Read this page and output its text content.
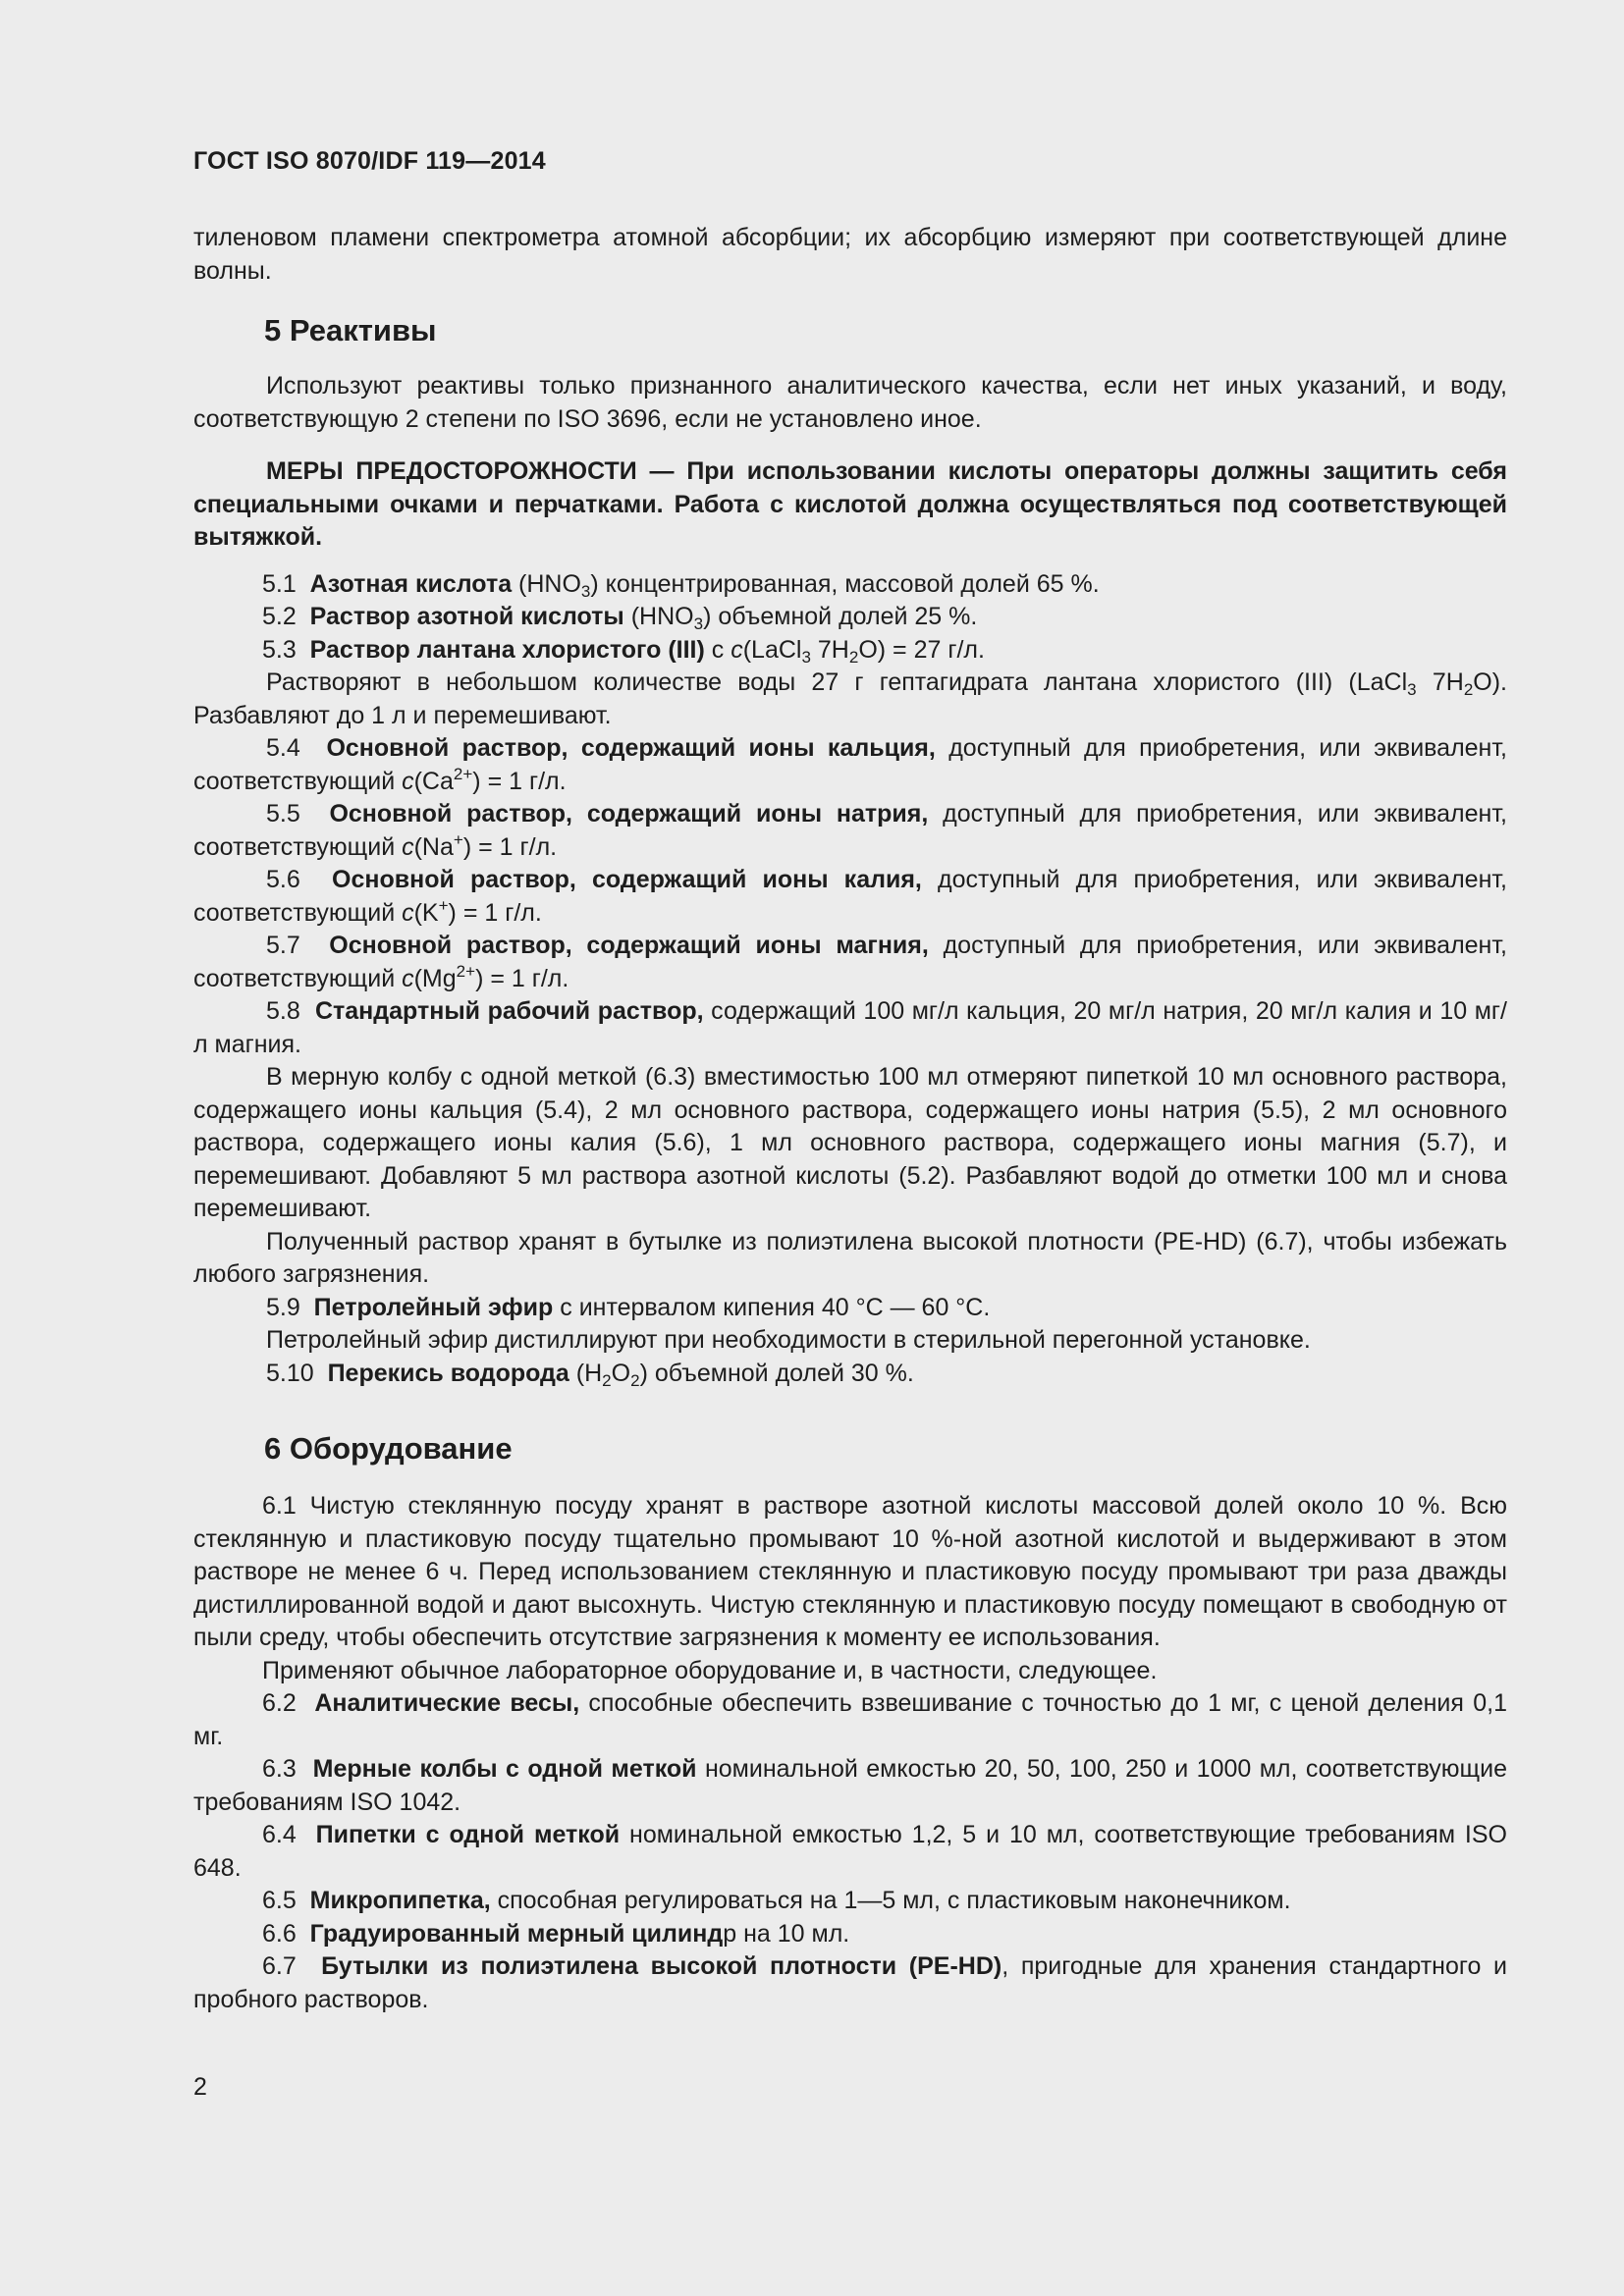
ГОСТ ISO 8070/IDF 119—2014

тиленовом пламени спектрометра атомной абсорбции; их абсорбцию измеряют при соответствующей длине волны.

5 Реактивы

Используют реактивы только признанного аналитического качества, если нет иных указаний, и воду, соответствующую 2 степени по ISO 3696, если не установлено иное.

МЕРЫ ПРЕДОСТОРОЖНОСТИ — При использовании кислоты операторы должны защитить себя специальными очками и перчатками. Работа с кислотой должна осуществляться под соответствующей вытяжкой.

5.1 Азотная кислота $(HNO_3)$ концентрированная, массовой долей 65 %.

5.2 Раствор азотной кислоты $(HNO_3)$ объемной долей 25 %.

5.3 Раствор лантана хлористого (III) с c(LaCl$_3$ $7H_2O) = 27$ г/л.

Растворяют в небольшом количестве воды 27 г гептагидрата лантана хлористого (III) (LaCl$_3$ $7H_2O$). Разбавляют до 1 л и перемешивают.

5.4 Основной раствор, содержащий ионы кальция, доступный для приобретения, или эквивалент, соответствующий $c(Ca^{2+}) = 1$ г/л.

5.5 Основной раствор, содержащий ионы натрия, доступный для приобретения, или эквивалент, соответствующий c(Na+) = 1 г/л.

5.6 Основной раствор, содержащий ионы калия, доступный для приобретения, или эквивалент, соответствующий c(K+) = 1 г/л.

5.7 Основной раствор, содержащий ионы магния, доступный для приобретения, или эквивалент, соответствующий $c(Mg^{2+}) = 1$ г/л.

5.8 Стандартный рабочий раствор, содержащий 100 мг/л кальция, 20 мг/л натрия, 20 мг/л калия и 10 мг/л магния.

В мерную колбу с одной меткой (6.3) вместимостью 100 мл отмеряют пипеткой 10 мл основного раствора, содержащего ионы кальция (5.4), 2 мл основного раствора, содержащего ионы натрия (5.5), 2 мл основного раствора, содержащего ионы калия (5.6), 1 мл основного раствора, содержащего ионы магния (5.7), и перемешивают. Добавляют 5 мл раствора азотной кислоты (5.2). Разбавляют водой до отметки 100 мл и снова перемешивают.

Полученный раствор хранят в бутылке из полиэтилена высокой плотности (PE-HD) (6.7), чтобы избежать любого загрязнения.

5.9 Петролейный эфир с интервалом кипения 40 °С — 60 °С.

Петролейный эфир дистиллируют при необходимости в стерильной перегонной установке.

5.10 Перекись водорода $(H_2O_2)$ объемной долей 30 %.

6 Оборудование

6.1 Чистую стеклянную посуду хранят в растворе азотной кислоты массовой долей около 10 %. Всю стеклянную и пластиковую посуду тщательно промывают 10 %-ной азотной кислотой и выдерживают в этом растворе не менее 6 ч. Перед использованием стеклянную и пластиковую посуду промывают три раза дважды дистиллированной водой и дают высохнуть. Чистую стеклянную и пластиковую посуду помещают в свободную от пыли среду, чтобы обеспечить отсутствие загрязнения к моменту ее использования.

Применяют обычное лабораторное оборудование и, в частности, следующее.

6.2 Аналитические весы, способные обеспечить взвешивание с точностью до 1 мг, с ценой деления 0,1 мг.

6.3 Мерные колбы с одной меткой номинальной емкостью 20, 50, 100, 250 и 1000 мл, соответствующие требованиям ISO 1042.

6.4 Пипетки с одной меткой номинальной емкостью 1,2, 5 и 10 мл, соответствующие требованиям ISO 648.

6.5 Микропипетка, способная регулироваться на 1—5 мл, с пластиковым наконечником.

6.6 Градуированный мерный цилиндр на 10 мл.

6.7 Бутылки из полиэтилена высокой плотности (PE-HD), пригодные для хранения стандартного и пробного растворов.

2
